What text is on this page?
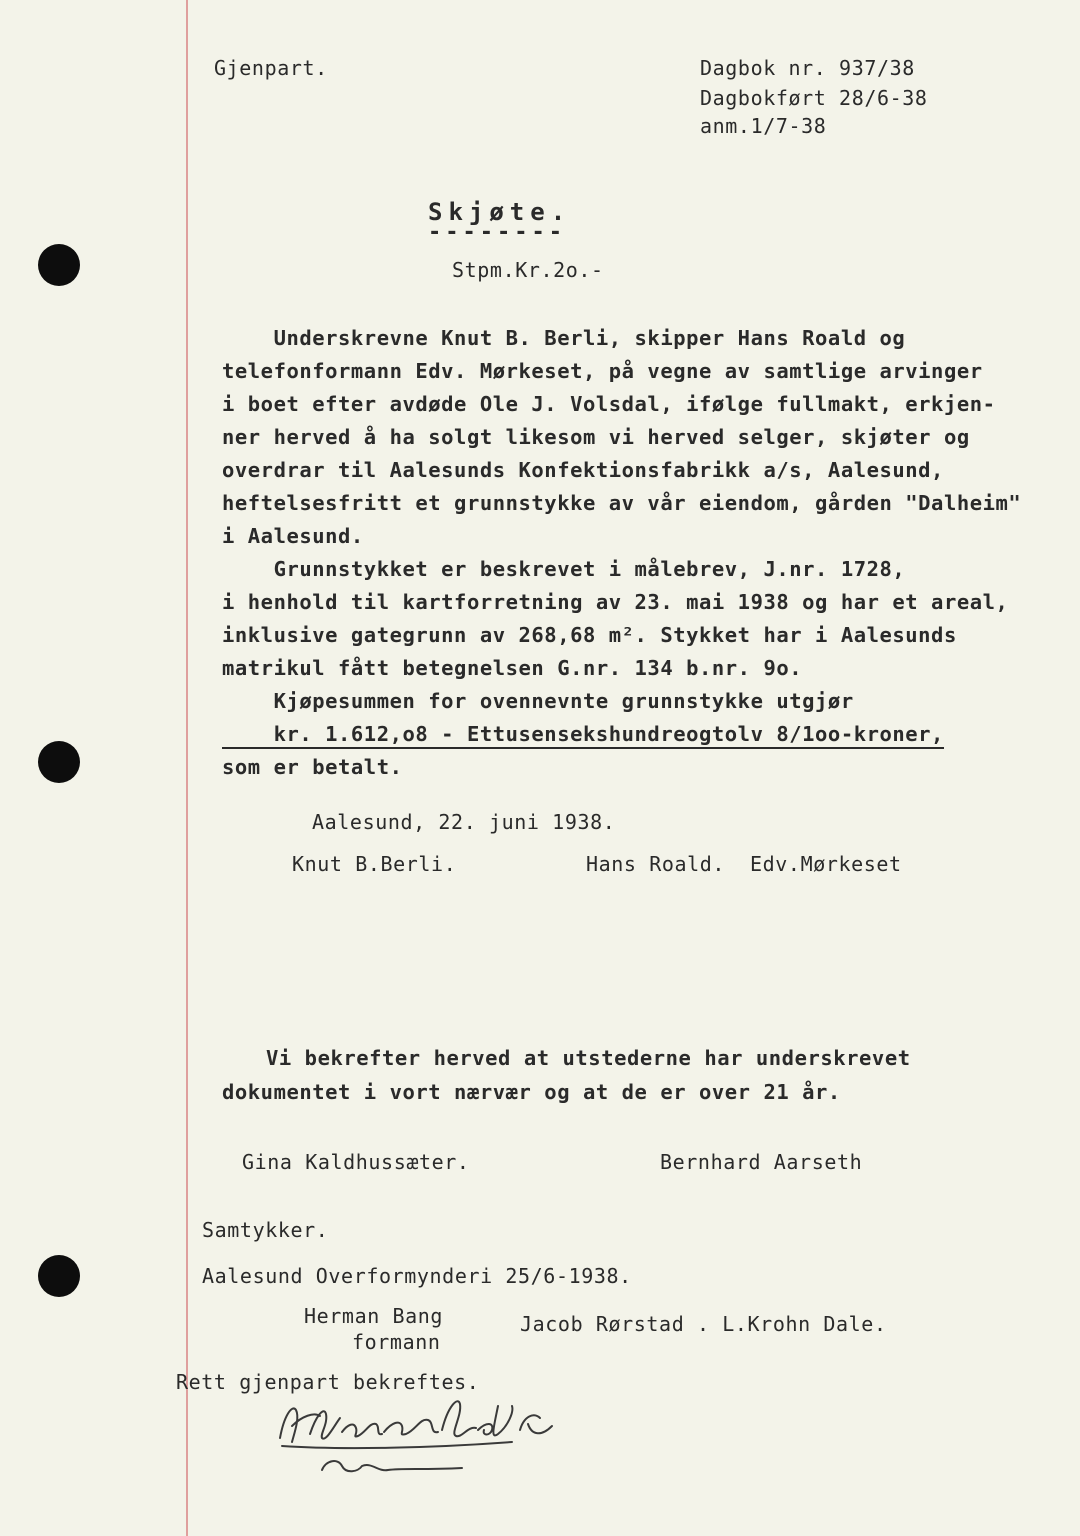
Gjenpart.	Dagbok nr. 937/38
Dagbokført 28/6-38
anm.1/7-38
Skjøte.
--------
Stpm.Kr.2o.-
Underskrevne Knut B. Berli, skipper Hans Roald og
telefonformann Edv. Mørkeset, på vegne av samtlige arvinger
i boet efter avdøde Ole J. Volsdal, ifølge fullmakt, erkjen-
ner herved å ha solgt likesom vi herved selger, skjøter og
overdrar til Aalesunds Konfektionsfabrikk a/s, Aalesund,
heftelsesfritt et grunnstykke av vår eiendom, gården "Dalheim"
i Aalesund.
Grunnstykket er beskrevet i målebrev, J.nr. 1728,
i henhold til kartforretning av 23. mai 1938 og har et areal,
inklusive gategrunn av 268,68 m². Stykket har i Aalesunds
matrikul fått betegnelsen G.nr. 134 b.nr. 9o.
Kjøpesummen for ovennevnte grunnstykke utgjør
kr. 1.612,o8 - Ettusensekshundreogtolv 8/1oo-kroner,
som er betalt.
Aalesund, 22. juni 1938.
Knut B.Berli.	Hans Roald. Edv.Mørkeset
Vi bekrefter herved at utstederne har underskrevet
dokumentet i vort nærvær og at de er over 21 år.
Gina Kaldhussæter.	Bernhard Aarseth
Samtykker.
Aalesund Overformynderi 25/6-1938.
Herman Bang
formann
Jacob Rørstad . L.Krohn Dale.
Rett gjenpart bekreftes.
